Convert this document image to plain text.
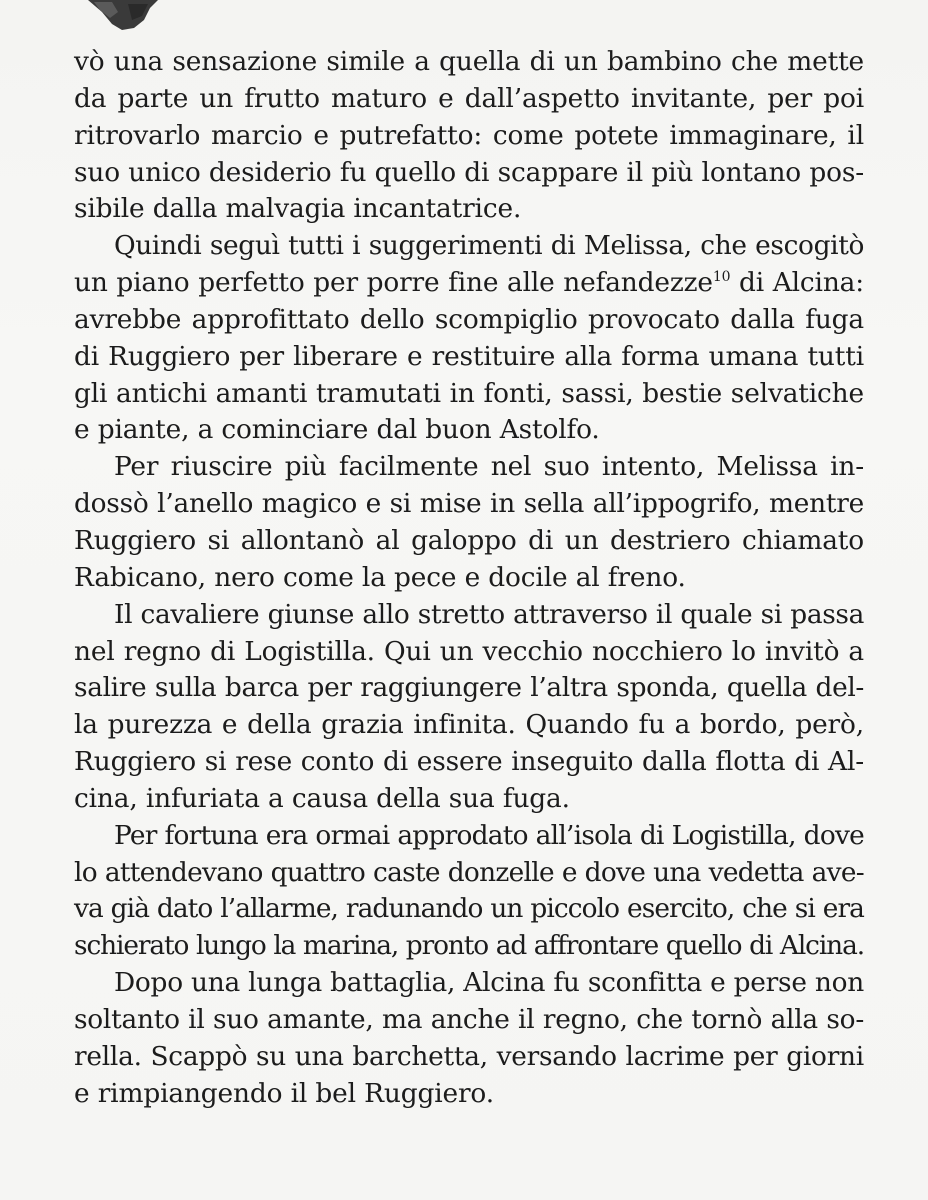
vò una sensazione simile a quella di un bambino che mette
da parte un frutto maturo e dall’aspetto invitante, per poi
ritrovarlo marcio e putrefatto: come potete immaginare, il
suo unico desiderio fu quello di scappare il più lontano pos-
sibile dalla malvagia incantatrice.
Quindi seguì tutti i suggerimenti di Melissa, che escogitò
un piano perfetto per porre fine alle nefandezze$^{10}$ di Alcina:
avrebbe approfittato dello scompiglio provocato dalla fuga
di Ruggiero per liberare e restituire alla forma umana tutti
gli antichi amanti tramutati in fonti, sassi, bestie selvatiche
e piante, a cominciare dal buon Astolfo.
Per riuscire più facilmente nel suo intento, Melissa in-
dossò l’anello magico e si mise in sella all’ippogrifo, mentre
Ruggiero si allontanò al galoppo di un destriero chiamato
Rabicano, nero come la pece e docile al freno.
Il cavaliere giunse allo stretto attraverso il quale si passa
nel regno di Logistilla. Qui un vecchio nocchiero lo invitò a
salire sulla barca per raggiungere l’altra sponda, quella del-
la purezza e della grazia infinita. Quando fu a bordo, però,
Ruggiero si rese conto di essere inseguito dalla flotta di Al-
cina, infuriata a causa della sua fuga.
Per fortuna era ormai approdato all’isola di Logistilla, dove
lo attendevano quattro caste donzelle e dove una vedetta ave-
va già dato l’allarme, radunando un piccolo esercito, che si era
schierato lungo la marina, pronto ad affrontare quello di Alcina.
Dopo una lunga battaglia, Alcina fu sconfitta e perse non
soltanto il suo amante, ma anche il regno, che tornò alla so-
rella. Scappò su una barchetta, versando lacrime per giorni
e rimpiangendo il bel Ruggiero.
